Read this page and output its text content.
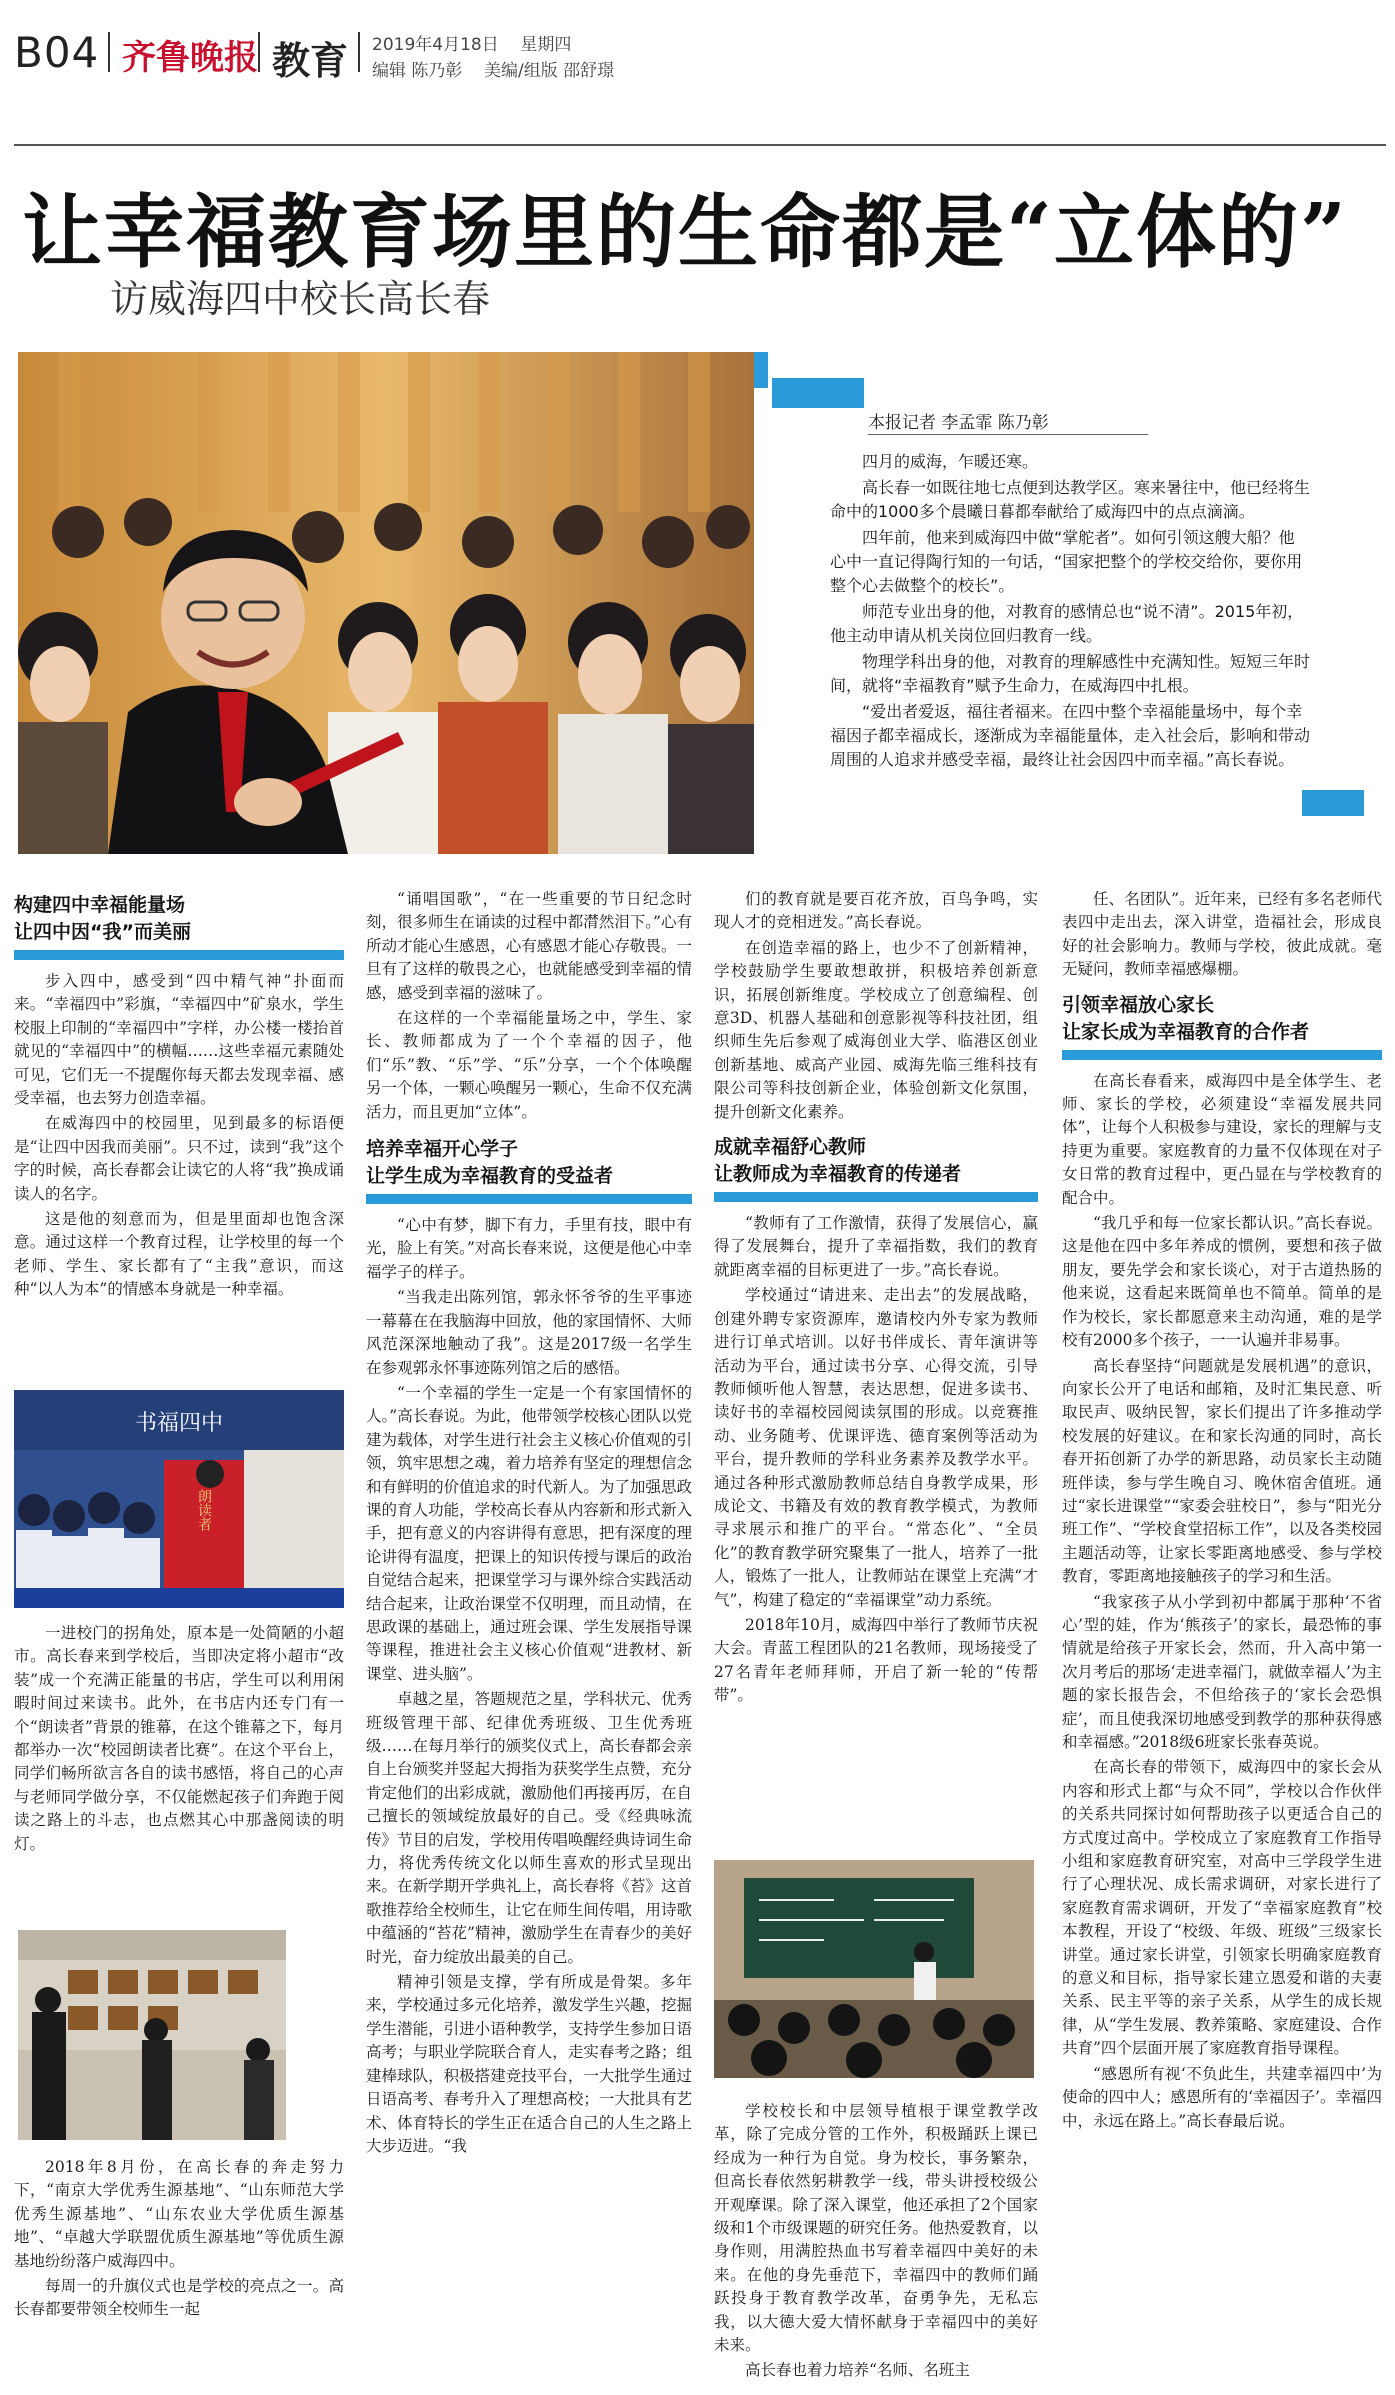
B04 齐鲁晚报 教育 2019年4月18日 星期四
编辑 陈乃彰 美编/组版 邵舒璟
让幸福教育场里的生命都是“立体的”
访威海四中校长高长春
本报记者 李孟霏 陈乃彰

四月的威海，乍暖还寒。

高长春一如既往地七点便到达教学区。寒来暑往中，他已经将生命中的1000多个晨曦日暮都奉献给了威海四中的点点滴滴。

四年前，他来到威海四中做“掌舵者”。如何引领这艘大船？他心中一直记得陶行知的一句话，“国家把整个的学校交给你，要你用整个心去做整个的校长”。

师范专业出身的他，对教育的感情总也“说不清”。2015年初，他主动申请从机关岗位回归教育一线。

物理学科出身的他，对教育的理解感性中充满知性。短短三年时间，就将“幸福教育”赋予生命力，在威海四中扎根。

“爱出者爱返，福往者福来。在四中整个幸福能量场中，每个幸福因子都幸福成长，逐渐成为幸福能量体，走入社会后，影响和带动周围的人追求并感受幸福，最终让社会因四中而幸福。”高长春说。

构建四中幸福能量场
让四中因“我”而美丽

步入四中，感受到“四中精气神”扑面而来。“幸福四中”彩旗，“幸福四中”矿泉水，学生校服上印制的“幸福四中”字样，办公楼一楼抬首就见的“幸福四中”的横幅……这些幸福元素随处可见，它们无一不提醒你每天都去发现幸福、感受幸福，也去努力创造幸福。

在威海四中的校园里，见到最多的标语便是“让四中因我而美丽”。只不过，读到“我”这个字的时候，高长春都会让读它的人将“我”换成诵读人的名字。

这是他的刻意而为，但是里面却也饱含深意。通过这样一个教育过程，让学校里的每一个老师、学生、家长都有了“主我”意识，而这种“以人为本”的情感本身就是一种幸福。

书福四中
朗读者

一进校门的拐角处，原本是一处简陋的小超市。高长春来到学校后，当即决定将小超市“改装”成一个充满正能量的书店，学生可以利用闲暇时间过来读书。此外，在书店内还专门有一个“朗读者”背景的锥幕，在这个锥幕之下，每月都举办一次“校园朗读者比赛”。在这个平台上，同学们畅所欲言各自的读书感悟，将自己的心声与老师同学做分享，不仅能燃起孩子们奔跑于阅读之路上的斗志，也点燃其心中那盏阅读的明灯。

2018年8月份，在高长春的奔走努力下，“南京大学优秀生源基地”、“山东师范大学优秀生源基地”、“山东农业大学优质生源基地”、“卓越大学联盟优质生源基地”等优质生源基地纷纷落户威海四中。

每周一的升旗仪式也是学校的亮点之一。高长春都要带领全校师生一起

“诵唱国歌”，“在一些重要的节日纪念时刻，很多师生在诵读的过程中都潸然泪下。”心有所动才能心生感恩，心有感恩才能心存敬畏。一旦有了这样的敬畏之心，也就能感受到幸福的情感，感受到幸福的滋味了。

在这样的一个幸福能量场之中，学生、家长、教师都成为了一个个幸福的因子，他们“乐”教、“乐”学、“乐”分享，一个个体唤醒另一个体，一颗心唤醒另一颗心，生命不仅充满活力，而且更加“立体”。

培养幸福开心学子
让学生成为幸福教育的受益者

“心中有梦，脚下有力，手里有技，眼中有光，脸上有笑。”对高长春来说，这便是他心中幸福学子的样子。

“当我走出陈列馆，郭永怀爷爷的生平事迹一幕幕在在我脑海中回放，他的家国情怀、大师风范深深地触动了我”。这是2017级一名学生在参观郭永怀事迹陈列馆之后的感悟。

“一个幸福的学生一定是一个有家国情怀的人。”高长春说。为此，他带领学校核心团队以党建为载体，对学生进行社会主义核心价值观的引领，筑牢思想之魂，着力培养有坚定的理想信念和有鲜明的价值追求的时代新人。为了加强思政课的育人功能，学校高长春从内容新和形式新入手，把有意义的内容讲得有意思，把有深度的理论讲得有温度，把课上的知识传授与课后的政治自觉结合起来，把课堂学习与课外综合实践活动结合起来，让政治课堂不仅明理，而且动情，在思政课的基础上，通过班会课、学生发展指导课等课程，推进社会主义核心价值观“进教材、新课堂、进头脑”。

卓越之星，答题规范之星，学科状元、优秀班级管理干部、纪律优秀班级、卫生优秀班级……在每月举行的颁奖仪式上，高长春都会亲自上台颁奖并竖起大拇指为获奖学生点赞，充分肯定他们的出彩成就，激励他们再接再厉，在自己擅长的领域绽放最好的自己。受《经典咏流传》节目的启发，学校用传唱唤醒经典诗词生命力，将优秀传统文化以师生喜欢的形式呈现出来。在新学期开学典礼上，高长春将《苔》这首歌推荐给全校师生，让它在师生间传唱，用诗歌中蕴涵的“苔花”精神，激励学生在青春少的美好时光，奋力绽放出最美的自己。

精神引领是支撑，学有所成是骨架。多年来，学校通过多元化培养，激发学生兴趣，挖掘学生潜能，引进小语种教学，支持学生参加日语高考；与职业学院联合育人，走实春考之路；组建棒球队，积极搭建竞技平台，一大批学生通过日语高考、春考升入了理想高校；一大批具有艺术、体育特长的学生正在适合自己的人生之路上大步迈进。“我

们的教育就是要百花齐放，百鸟争鸣，实现人才的竞相迸发。”高长春说。

在创造幸福的路上，也少不了创新精神，学校鼓励学生要敢想敢拼，积极培养创新意识，拓展创新维度。学校成立了创意编程、创意3D、机器人基础和创意影视等科技社团，组织师生先后参观了威海创业大学、临港区创业创新基地、威高产业园、威海先临三维科技有限公司等科技创新企业，体验创新文化氛围，提升创新文化素养。

成就幸福舒心教师
让教师成为幸福教育的传递者

“教师有了工作激情，获得了发展信心，赢得了发展舞台，提升了幸福指数，我们的教育就距离幸福的目标更进了一步。”高长春说。

学校通过“请进来、走出去”的发展战略，创建外聘专家资源库，邀请校内外专家为教师进行订单式培训。以好书伴成长、青年演讲等活动为平台，通过读书分享、心得交流，引导教师倾听他人智慧，表达思想，促进多读书、读好书的幸福校园阅读氛围的形成。以竞赛推动、业务随考、优课评选、德育案例等活动为平台，提升教师的学科业务素养及教学水平。通过各种形式激励教师总结自身教学成果，形成论文、书籍及有效的教育教学模式，为教师寻求展示和推广的平台。“常态化”、“全员化”的教育教学研究聚集了一批人，培养了一批人，锻炼了一批人，让教师站在课堂上充满“才气”，构建了稳定的“幸福课堂”动力系统。

2018年10月，威海四中举行了教师节庆祝大会。青蓝工程团队的21名教师，现场接受了27名青年老师拜师，开启了新一轮的“传帮带”。

学校校长和中层领导植根于课堂教学改革，除了完成分管的工作外，积极踊跃上课已经成为一种行为自觉。身为校长，事务繁杂，但高长春依然躬耕教学一线，带头讲授校级公开观摩课。除了深入课堂，他还承担了2个国家级和1个市级课题的研究任务。他热爱教育，以身作则，用满腔热血书写着幸福四中美好的未来。在他的身先垂范下，幸福四中的教师们踊跃投身于教育教学改革，奋勇争先，无私忘我，以大德大爱大情怀献身于幸福四中的美好未来。

高长春也着力培养“名师、名班主

任、名团队”。近年来，已经有多名老师代表四中走出去，深入讲堂，造福社会，形成良好的社会影响力。教师与学校，彼此成就。毫无疑问，教师幸福感爆棚。

引领幸福放心家长
让家长成为幸福教育的合作者

在高长春看来，威海四中是全体学生、老师、家长的学校，必须建设“幸福发展共同体”，让每个人积极参与建设，家长的理解与支持更为重要。家庭教育的力量不仅体现在对子女日常的教育过程中，更凸显在与学校教育的配合中。

“我几乎和每一位家长都认识。”高长春说。这是他在四中多年养成的惯例，要想和孩子做朋友，要先学会和家长谈心，对于古道热肠的他来说，这看起来既简单也不简单。简单的是作为校长，家长都愿意来主动沟通，难的是学校有2000多个孩子，一一认遍并非易事。

高长春坚持“问题就是发展机遇”的意识，向家长公开了电话和邮箱，及时汇集民意、听取民声、吸纳民智，家长们提出了许多推动学校发展的好建议。在和家长沟通的同时，高长春开拓创新了办学的新思路，动员家长主动随班伴读，参与学生晚自习、晚休宿舍值班。通过“家长进课堂”“家委会驻校日”，参与“阳光分班工作”、“学校食堂招标工作”，以及各类校园主题活动等，让家长零距离地感受、参与学校教育，零距离地接触孩子的学习和生活。

“我家孩子从小学到初中都属于那种‘不省心’型的娃，作为‘熊孩子’的家长，最恐怖的事情就是给孩子开家长会，然而，升入高中第一次月考后的那场‘走进幸福门，就做幸福人’为主题的家长报告会，不但给孩子的‘家长会恐惧症’，而且使我深切地感受到教学的那种获得感和幸福感。”2018级6班家长张春英说。

在高长春的带领下，威海四中的家长会从内容和形式上都“与众不同”，学校以合作伙伴的关系共同探讨如何帮助孩子以更适合自己的方式度过高中。学校成立了家庭教育工作指导小组和家庭教育研究室，对高中三学段学生进行了心理状况、成长需求调研，对家长进行了家庭教育需求调研，开发了“幸福家庭教育”校本教程，开设了“校级、年级、班级”三级家长讲堂。通过家长讲堂，引领家长明确家庭教育的意义和目标，指导家长建立恩爱和谐的夫妻关系、民主平等的亲子关系，从学生的成长规律，从“学生发展、教养策略、家庭建设、合作共育”四个层面开展了家庭教育指导课程。

“感恩所有视‘不负此生，共建幸福四中’为使命的四中人；感恩所有的‘幸福因子’。幸福四中，永远在路上。”高长春最后说。
